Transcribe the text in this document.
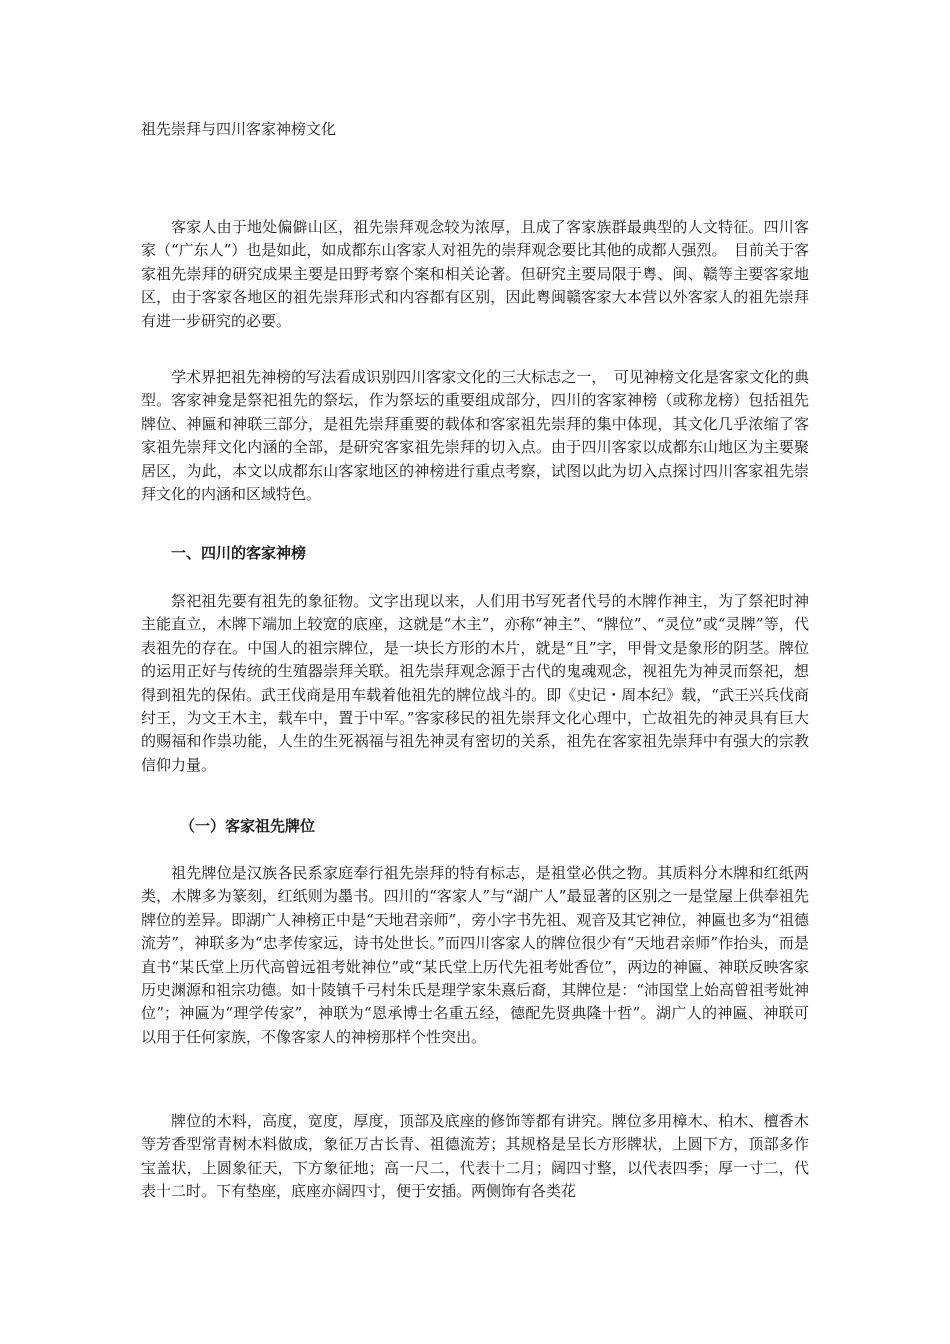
祖先崇拜与四川客家神榜文化

客家人由于地处偏僻山区，祖先崇拜观念较为浓厚，且成了客家族群最典型的人文特征。四川客家（“广东人”）也是如此，如成都东山客家人对祖先的崇拜观念要比其他的成都人强烈。　目前关于客家祖先崇拜的研究成果主要是田野考察个案和相关论著。但研究主要局限于粤、闽、赣等主要客家地区，由于客家各地区的祖先崇拜形式和内容都有区别，因此粤闽赣客家大本营以外客家人的祖先崇拜有进一步研究的必要。

学术界把祖先神榜的写法看成识别四川客家文化的三大标志之一，　可见神榜文化是客家文化的典型。客家神龛是祭祀祖先的祭坛，作为祭坛的重要组成部分，四川的客家神榜（或称龙榜）包括祖先牌位、神匾和神联三部分，是祖先崇拜重要的载体和客家祖先崇拜的集中体现，其文化几乎浓缩了客家祖先崇拜文化内涵的全部，是研究客家祖先崇拜的切入点。由于四川客家以成都东山地区为主要聚居区，为此，本文以成都东山客家地区的神榜进行重点考察，试图以此为切入点探讨四川客家祖先崇拜文化的内涵和区域特色。

一、四川的客家神榜

祭祀祖先要有祖先的象征物。文字出现以来，人们用书写死者代号的木牌作神主，为了祭祀时神主能直立，木牌下端加上较宽的底座，这就是“木主”，亦称“神主”、“牌位”、“灵位”或“灵牌”等，代表祖先的存在。中国人的祖宗牌位，是一块长方形的木片，就是“且”字，甲骨文是象形的阴茎。牌位的运用正好与传统的生殖器崇拜关联。祖先崇拜观念源于古代的鬼魂观念，视祖先为神灵而祭祀，想得到祖先的保佑。武王伐商是用车载着他祖先的牌位战斗的。即《史记・周本纪》载，“武王兴兵伐商纣王，为文王木主，载车中，置于中军。”客家移民的祖先崇拜文化心理中，亡故祖先的神灵具有巨大的赐福和作祟功能，人生的生死祸福与祖先神灵有密切的关系，祖先在客家祖先崇拜中有强大的宗教信仰力量。

（一）客家祖先牌位

祖先牌位是汉族各民系家庭奉行祖先崇拜的特有标志，是祖堂必供之物。其质料分木牌和红纸两类，木牌多为篆刻，红纸则为墨书。四川的“客家人”与“湖广人”最显著的区别之一是堂屋上供奉祖先牌位的差异。即湖广人神榜正中是“天地君亲师”，旁小字书先祖、观音及其它神位，神匾也多为“祖德流芳”，神联多为“忠孝传家远，诗书处世长。”而四川客家人的牌位很少有“天地君亲师”作抬头，而是直书“某氏堂上历代高曾远祖考妣神位”或“某氏堂上历代先祖考妣香位”，两边的神匾、神联反映客家历史渊源和祖宗功德。如十陵镇千弓村朱氏是理学家朱熹后裔，其牌位是：“沛国堂上始高曾祖考妣神位”；神匾为“理学传家”，神联为“恩承博士名重五经，德配先贤典隆十哲”。湖广人的神匾、神联可以用于任何家族，不像客家人的神榜那样个性突出。

牌位的木料，高度，宽度，厚度，顶部及底座的修饰等都有讲究。牌位多用樟木、柏木、檀香木等芳香型常青树木料做成，象征万古长青、祖德流芳；其规格是呈长方形牌状，上圆下方，顶部多作宝盖状，上圆象征天，下方象征地；高一尺二，代表十二月；阔四寸整，以代表四季；厚一寸二，代表十二时。下有垫座，底座亦阔四寸，便于安插。两侧饰有各类花
